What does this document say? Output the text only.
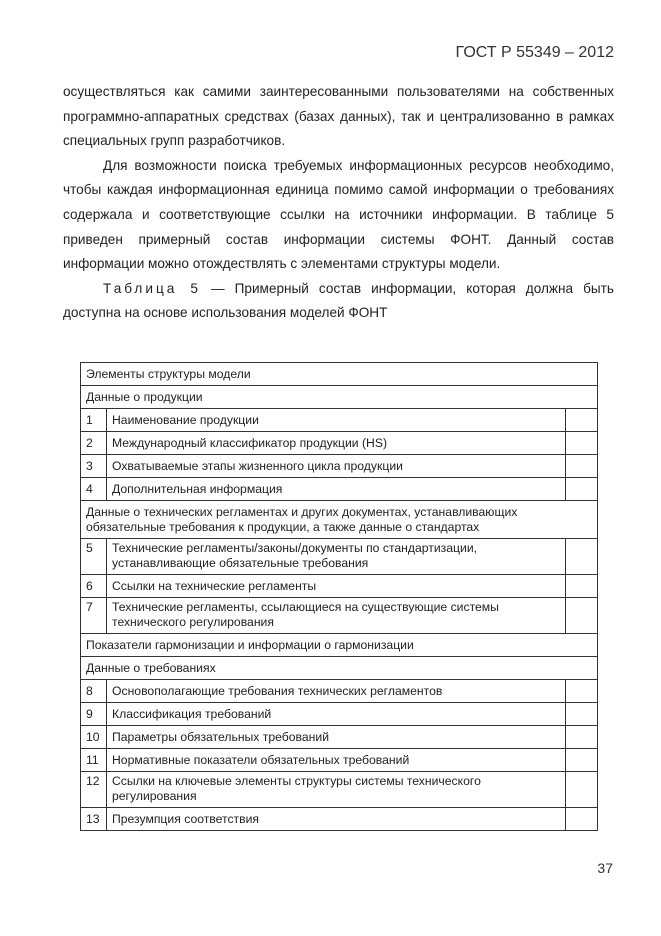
ГОСТ Р 55349 – 2012

осуществляться как самими заинтересованными пользователями на собственных программно-аппаратных средствах (базах данных), так и централизованно в рамках специальных групп разработчиков.

Для возможности поиска требуемых информационных ресурсов необходимо, чтобы каждая информационная единица помимо самой информации о требованиях содержала и соответствующие ссылки на источники информации. В таблице 5 приведен примерный состав информации системы ФОНТ. Данный состав информации можно отождествлять с элементами структуры модели.

Таблица 5 — Примерный состав информации, которая должна быть доступна на основе использования моделей ФОНТ

Элементы структуры модели		
Данные о продукции		
1	Наименование продукции	
2	Международный классификатор продукции (HS)	
3	Охватываемые этапы жизненного цикла продукции	
4	Дополнительная информация	
Данные о технических регламентах и других документах, устанавливающих обязательные требования к продукции, а также данные о стандартах		
5	Технические регламенты/законы/документы по стандартизации, устанавливающие обязательные требования	
6	Ссылки на технические регламенты	
7	Технические регламенты, ссылающиеся на существующие системы технического регулирования	
Показатели гармонизации и информации о гармонизации		
Данные о требованиях		
8	Основополагающие требования технических регламентов	
9	Классификация требований	
10	Параметры обязательных требований	
11	Нормативные показатели обязательных требований	
12	Ссылки на ключевые элементы структуры системы технического регулирования	
13	Презумпция соответствия	
37
